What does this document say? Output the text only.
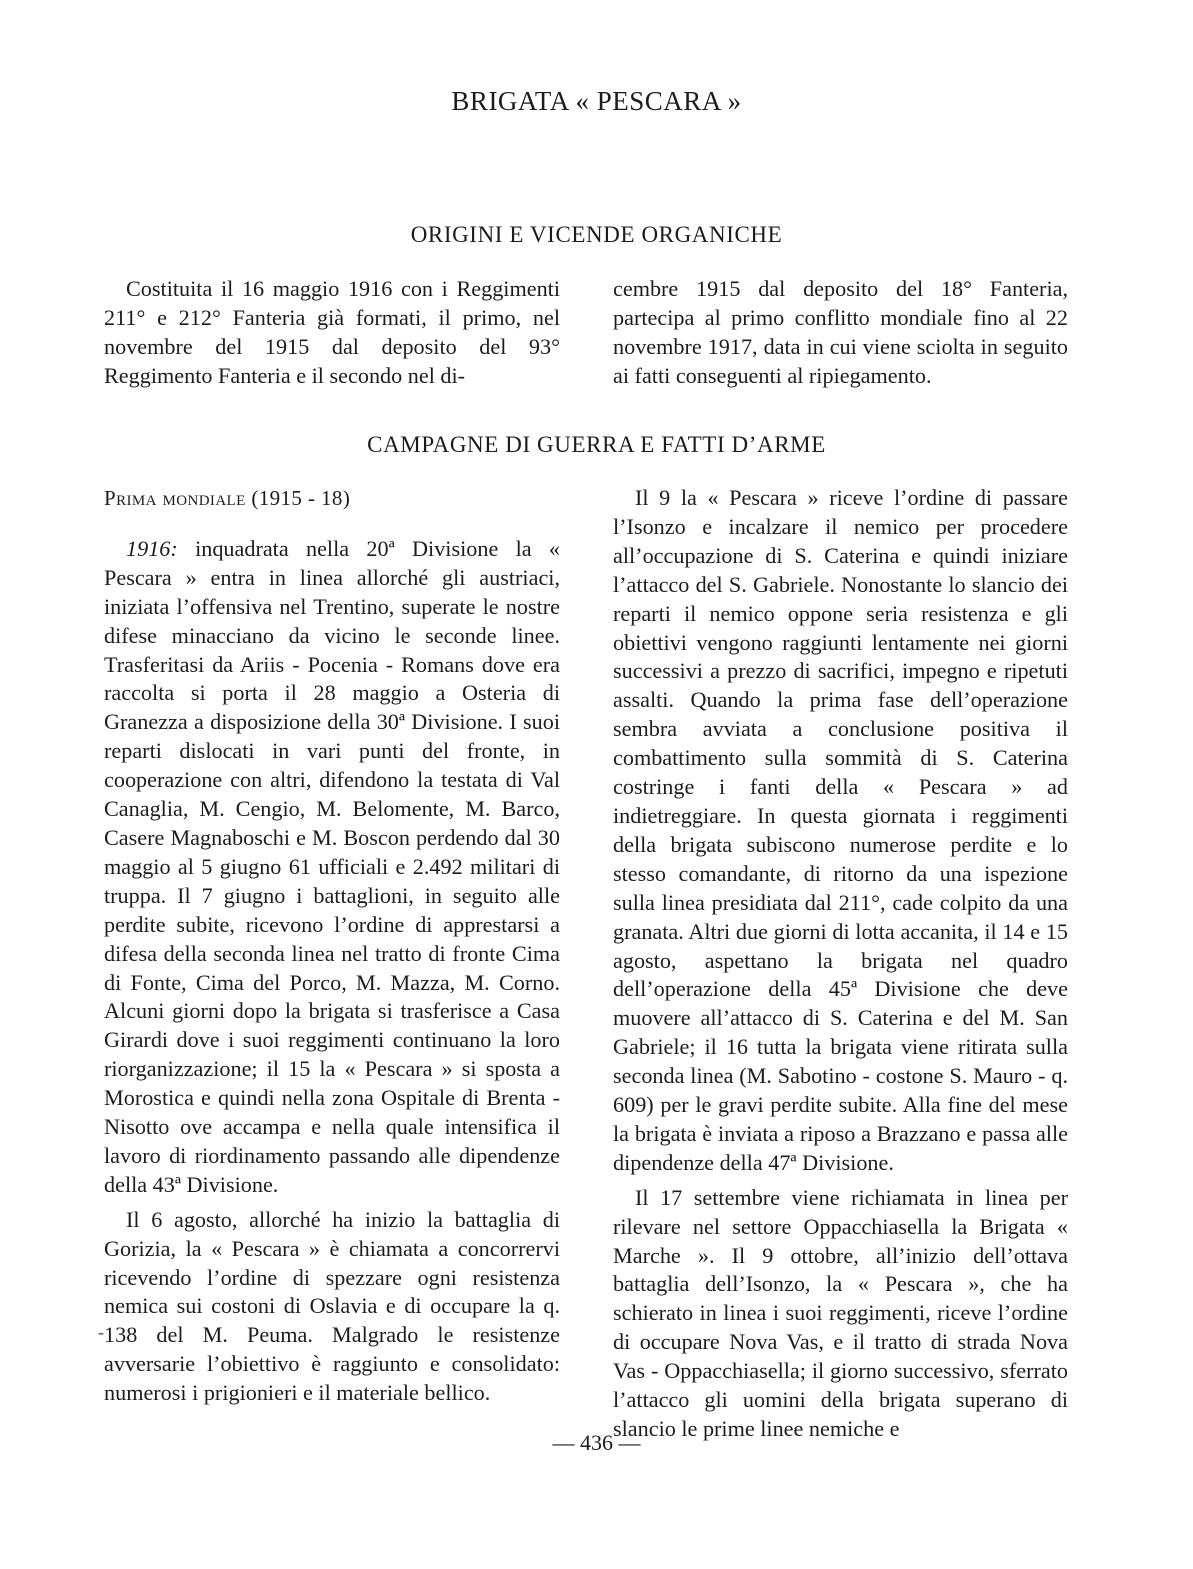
BRIGATA « PESCARA »
ORIGINI E VICENDE ORGANICHE

Costituita il 16 maggio 1916 con i Reggimenti 211° e 212° Fanteria già formati, il primo, nel novembre del 1915 dal deposito del 93° Reggimento Fanteria e il secondo nel di-

cembre 1915 dal deposito del 18° Fanteria, partecipa al primo conflitto mondiale fino al 22 novembre 1917, data in cui viene sciolta in seguito ai fatti conseguenti al ripiegamento.

CAMPAGNE DI GUERRA E FATTI D’ARME

Prima mondiale (1915 - 18)

1916: inquadrata nella 20ª Divisione la « Pescara » entra in linea allorché gli austriaci, iniziata l’offensiva nel Trentino, superate le nostre difese minacciano da vicino le seconde linee. Trasferitasi da Ariis - Pocenia - Romans dove era raccolta si porta il 28 maggio a Osteria di Granezza a disposizione della 30ª Divisione. I suoi reparti dislocati in vari punti del fronte, in cooperazione con altri, difendono la testata di Val Canaglia, M. Cengio, M. Belomente, M. Barco, Casere Magnaboschi e M. Boscon perdendo dal 30 maggio al 5 giugno 61 ufficiali e 2.492 militari di truppa. Il 7 giugno i battaglioni, in seguito alle perdite subite, ricevono l’ordine di apprestarsi a difesa della seconda linea nel tratto di fronte Cima di Fonte, Cima del Porco, M. Mazza, M. Corno. Alcuni giorni dopo la brigata si trasferisce a Casa Girardi dove i suoi reggimenti continuano la loro riorganizzazione; il 15 la « Pescara » si sposta a Morostica e quindi nella zona Ospitale di Brenta - Nisotto ove accampa e nella quale intensifica il lavoro di riordinamento passando alle dipendenze della 43ª Divisione.

Il 6 agosto, allorché ha inizio la battaglia di Gorizia, la « Pescara » è chiamata a concorrervi ricevendo l’ordine di spezzare ogni resistenza nemica sui costoni di Oslavia e di occupare la q. 138 del M. Peuma. Malgrado le resistenze avversarie l’obiettivo è raggiunto e consolidato: numerosi i prigionieri e il materiale bellico.

Il 9 la « Pescara » riceve l’ordine di passare l’Isonzo e incalzare il nemico per procedere all’occupazione di S. Caterina e quindi iniziare l’attacco del S. Gabriele. Nonostante lo slancio dei reparti il nemico oppone seria resistenza e gli obiettivi vengono raggiunti lentamente nei giorni successivi a prezzo di sacrifici, impegno e ripetuti assalti. Quando la prima fase dell’operazione sembra avviata a conclusione positiva il combattimento sulla sommità di S. Caterina costringe i fanti della « Pescara » ad indietreggiare. In questa giornata i reggimenti della brigata subiscono numerose perdite e lo stesso comandante, di ritorno da una ispezione sulla linea presidiata dal 211°, cade colpito da una granata. Altri due giorni di lotta accanita, il 14 e 15 agosto, aspettano la brigata nel quadro dell’operazione della 45ª Divisione che deve muovere all’attacco di S. Caterina e del M. San Gabriele; il 16 tutta la brigata viene ritirata sulla seconda linea (M. Sabotino - costone S. Mauro - q. 609) per le gravi perdite subite. Alla fine del mese la brigata è inviata a riposo a Brazzano e passa alle dipendenze della 47ª Divisione.

Il 17 settembre viene richiamata in linea per rilevare nel settore Oppacchiasella la Brigata « Marche ». Il 9 ottobre, all’inizio dell’ottava battaglia dell’Isonzo, la « Pescara », che ha schierato in linea i suoi reggimenti, riceve l’ordine di occupare Nova Vas, e il tratto di strada Nova Vas - Oppacchiasella; il giorno successivo, sferrato l’attacco gli uomini della brigata superano di slancio le prime linee nemiche e

-
— 436 —
